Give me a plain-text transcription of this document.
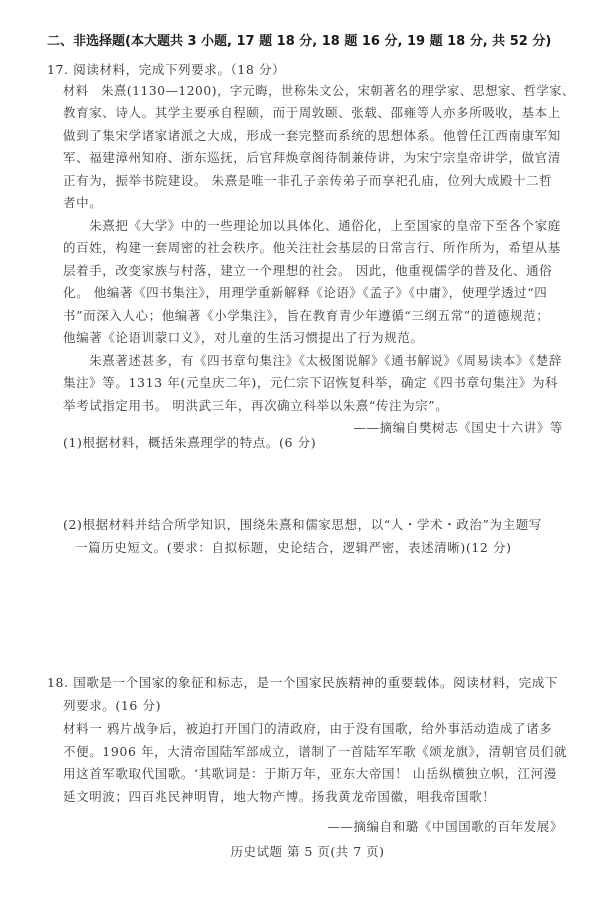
二、非选择题(本大题共 3 小题, 17 题 18 分, 18 题 16 分, 19 题 18 分, 共 52 分)
17. 阅读材料，完成下列要求。（18 分）
材料　朱熹(1130—1200)，字元晦，世称朱文公，宋朝著名的理学家、思想家、哲学家、
教育家、诗人。其学主要承自程颐，而于周敦颐、张载、邵雍等人亦多所吸收，基本上
做到了集宋学诸家诸派之大成，形成一套完整而系统的思想体系。他曾任江西南康军知
军、福建漳州知府、浙东巡抚，后官拜焕章阁待制兼侍讲，为宋宁宗皇帝讲学，做官清
正有为，振举书院建设。 朱熹是唯一非孔子亲传弟子而享祀孔庙，位列大成殿十二哲
者中。
　　朱熹把《大学》中的一些理论加以具体化、通俗化，上至国家的皇帝下至各个家庭
的百姓，构建一套周密的社会秩序。他关注社会基层的日常言行、所作所为，希望从基
层着手，改变家族与村落，建立一个理想的社会。 因此，他重视儒学的普及化、通俗
化。 他编著《四书集注》，用理学重新解释《论语》《孟子》《中庸》，使理学透过“四
书”而深入人心；他编著《小学集注》，旨在教育青少年遵循“三纲五常”的道德规范；
他编著《论语训蒙口义》，对儿童的生活习惯提出了行为规范。
　　朱熹著述甚多，有《四书章句集注》《太极图说解》《通书解说》《周易读本》《楚辞
集注》等。1313 年(元皇庆二年)，元仁宗下诏恢复科举，确定《四书章句集注》为科
举考试指定用书。 明洪武三年，再次确立科举以朱熹“传注为宗”。
——摘编自樊树志《国史十六讲》等
(1)根据材料，概括朱熹理学的特点。(6 分)
(2)根据材料并结合所学知识，围绕朱熹和儒家思想，以“人・学术・政治”为主题写
一篇历史短文。(要求：自拟标题，史论结合，逻辑严密，表述清晰)(12 分)
18. 国歌是一个国家的象征和标志，是一个国家民族精神的重要载体。阅读材料，完成下
列要求。(16 分)
材料一 鸦片战争后，被迫打开国门的清政府，由于没有国歌，给外事活动造成了诸多
不便。1906 年，大清帝国陆军部成立，谱制了一首陆军军歌《颂龙旗》，清朝官员们就
用这首军歌取代国歌。‘其歌词是：于斯万年，亚东大帝国！ 山岳纵横独立帜，江河漫
延文明波；四百兆民神明胄，地大物产博。扬我黄龙帝国徽，唱我帝国歌！
——摘编自和璐《中国国歌的百年发展》
历史试题 第 5 页(共 7 页)
